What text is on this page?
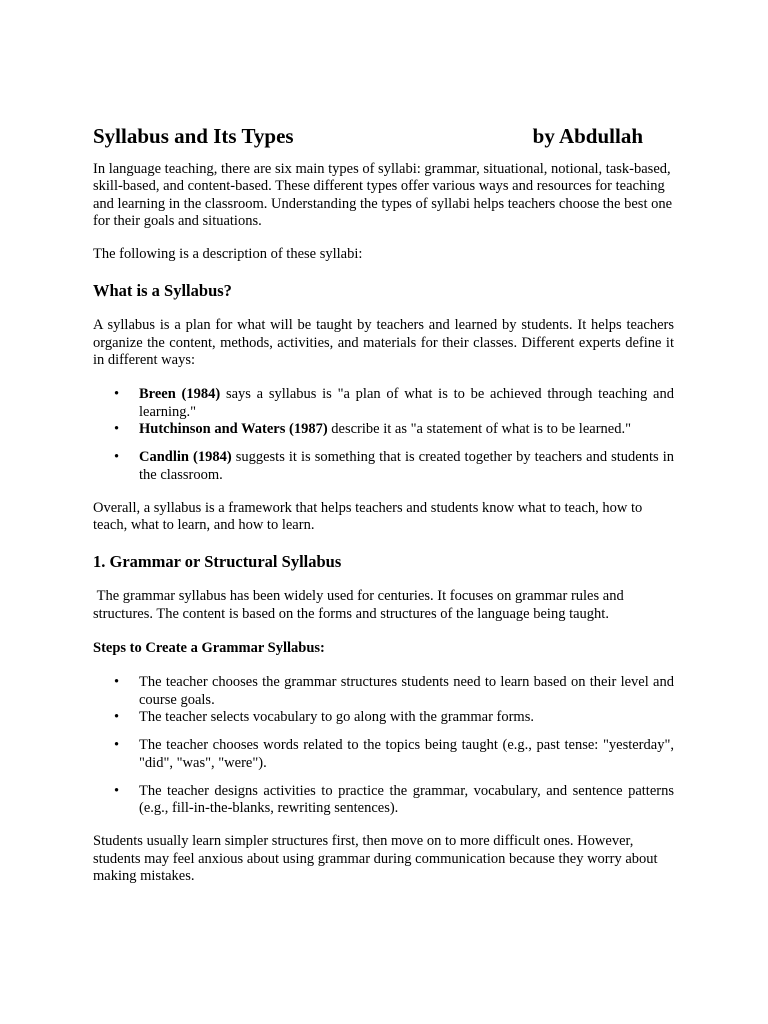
Syllabus and Its Types	by Abdullah

In language teaching, there are six main types of syllabi: grammar, situational, notional, task-based, skill-based, and content-based. These different types offer various ways and resources for teaching and learning in the classroom. Understanding the types of syllabi helps teachers choose the best one for their goals and situations.

The following is a description of these syllabi:

What is a Syllabus?

A syllabus is a plan for what will be taught by teachers and learned by students. It helps teachers organize the content, methods, activities, and materials for their classes. Different experts define it in different ways:

• Breen (1984) says a syllabus is "a plan of what is to be achieved through teaching and learning."
• Hutchinson and Waters (1987) describe it as "a statement of what is to be learned."
• Candlin (1984) suggests it is something that is created together by teachers and students in the classroom.

Overall, a syllabus is a framework that helps teachers and students know what to teach, how to teach, what to learn, and how to learn.

1. Grammar or Structural Syllabus

The grammar syllabus has been widely used for centuries. It focuses on grammar rules and structures. The content is based on the forms and structures of the language being taught.

Steps to Create a Grammar Syllabus:
• The teacher chooses the grammar structures students need to learn based on their level and course goals.
• The teacher selects vocabulary to go along with the grammar forms.
• The teacher chooses words related to the topics being taught (e.g., past tense: "yesterday", "did", "was", "were").
• The teacher designs activities to practice the grammar, vocabulary, and sentence patterns (e.g., fill-in-the-blanks, rewriting sentences).

Students usually learn simpler structures first, then move on to more difficult ones. However, students may feel anxious about using grammar during communication because they worry about making mistakes.
